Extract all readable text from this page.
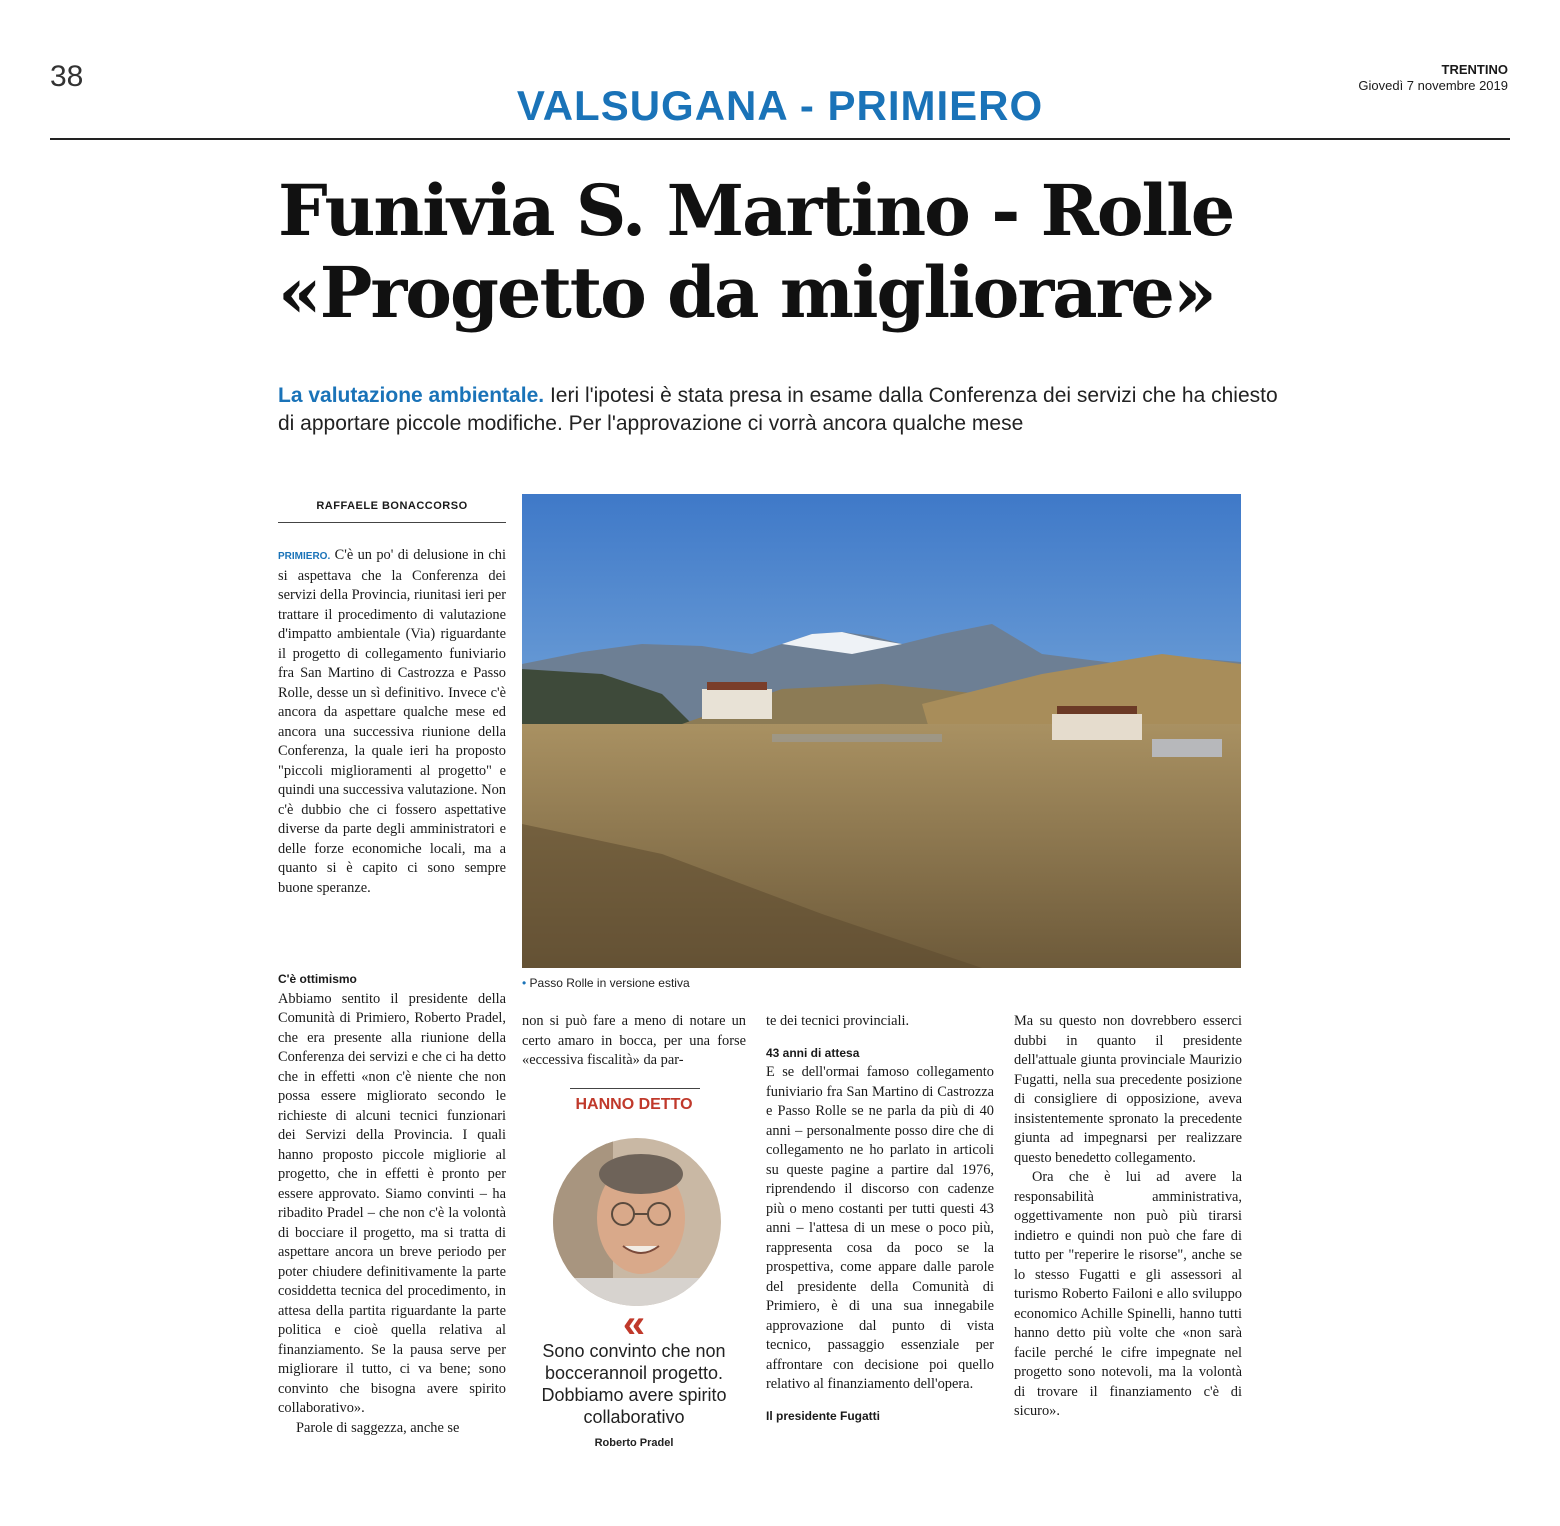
38
VALSUGANA - PRIMIERO
TRENTINO
Giovedì 7 novembre 2019
Funivia S. Martino - Rolle
«Progetto da migliorare»
La valutazione ambientale. Ieri l'ipotesi è stata presa in esame dalla Conferenza dei servizi che ha chiesto di apportare piccole modifiche. Per l'approvazione ci vorrà ancora qualche mese
RAFFAELE BONACCORSO
• Passo Rolle in versione estiva

PRIMIERO. C'è un po' di delusione in chi si aspettava che la Conferenza dei servizi della Provincia, riunitasi ieri per trattare il procedimento di valutazione d'impatto ambientale (Via) riguardante il progetto di collegamento funiviario fra San Martino di Castrozza e Passo Rolle, desse un sì definitivo. Invece c'è ancora da aspettare qualche mese ed ancora una successiva riunione della Conferenza, la quale ieri ha proposto "piccoli miglioramenti al progetto" e quindi una successiva valutazione. Non c'è dubbio che ci fossero aspettative diverse da parte degli amministratori e delle forze economiche locali, ma a quanto si è capito ci sono sempre buone speranze.

C'è ottimismo

Abbiamo sentito il presidente della Comunità di Primiero, Roberto Pradel, che era presente alla riunione della Conferenza dei servizi e che ci ha detto che in effetti «non c'è niente che non possa essere migliorato secondo le richieste di alcuni tecnici funzionari dei Servizi della Provincia. I quali hanno proposto piccole migliorie al progetto, che in effetti è pronto per essere approvato. Siamo convinti – ha ribadito Pradel – che non c'è la volontà di bocciare il progetto, ma si tratta di aspettare ancora un breve periodo per poter chiudere definitivamente la parte cosiddetta tecnica del procedimento, in attesa della partita riguardante la parte politica e cioè quella relativa al finanziamento. Se la pausa serve per migliorare il tutto, ci va bene; sono convinto che bisogna avere spirito collaborativo».

Parole di saggezza, anche se

non si può fare a meno di notare un certo amaro in bocca, per una forse «eccessiva fiscalità» da par-

HANNO DETTO
«
Sono convinto che non boccerannoil progetto. Dobbiamo avere spirito collaborativo
Roberto Pradel

te dei tecnici provinciali.

43 anni di attesa

E se dell'ormai famoso collegamento funiviario fra San Martino di Castrozza e Passo Rolle se ne parla da più di 40 anni – personalmente posso dire che di collegamento ne ho parlato in articoli su queste pagine a partire dal 1976, riprendendo il discorso con cadenze più o meno costanti per tutti questi 43 anni – l'attesa di un mese o poco più, rappresenta cosa da poco se la prospettiva, come appare dalle parole del presidente della Comunità di Primiero, è di una sua innegabile approvazione dal punto di vista tecnico, passaggio essenziale per affrontare con decisione poi quello relativo al finanziamento dell'opera.

Il presidente Fugatti

Ma su questo non dovrebbero esserci dubbi in quanto il presidente dell'attuale giunta provinciale Maurizio Fugatti, nella sua precedente posizione di consigliere di opposizione, aveva insistentemente spronato la precedente giunta ad impegnarsi per realizzare questo benedetto collegamento.

Ora che è lui ad avere la responsabilità amministrativa, oggettivamente non può più tirarsi indietro e quindi non può che fare di tutto per "reperire le risorse", anche se lo stesso Fugatti e gli assessori al turismo Roberto Failoni e allo sviluppo economico Achille Spinelli, hanno tutti hanno detto più volte che «non sarà facile perché le cifre impegnate nel progetto sono notevoli, ma la volontà di trovare il finanziamento c'è di sicuro».
